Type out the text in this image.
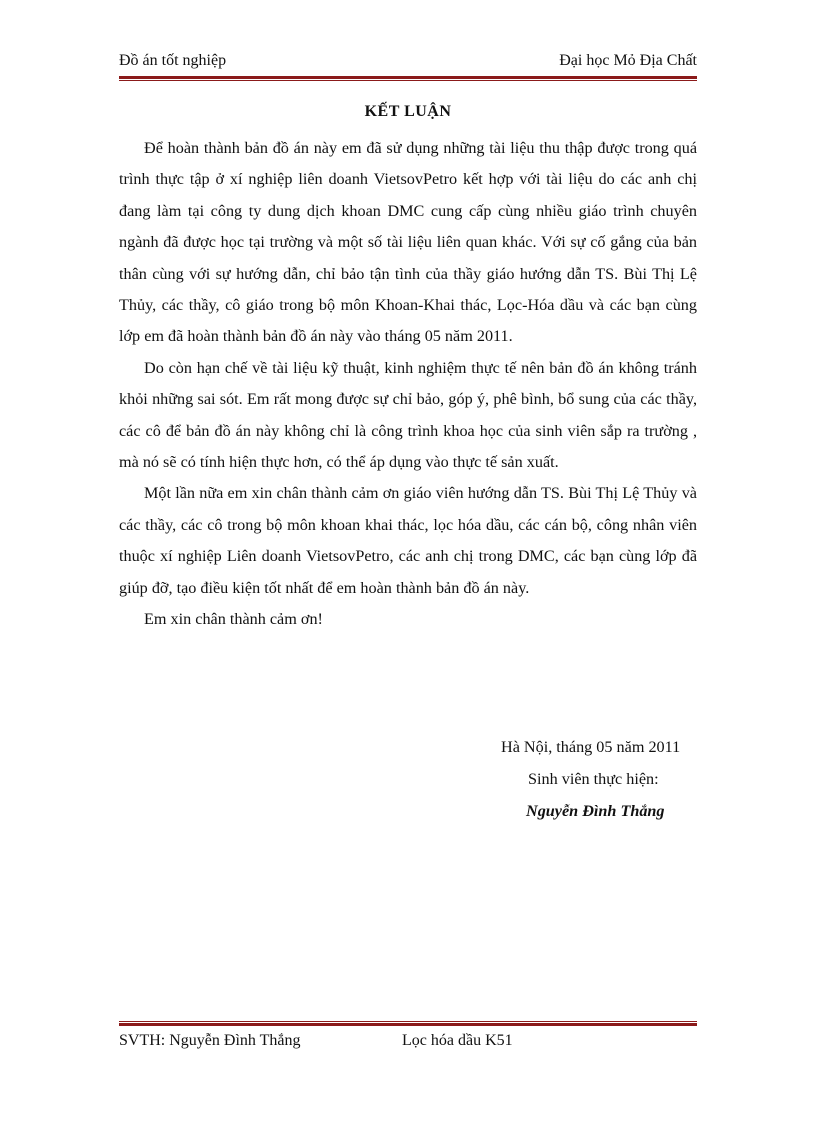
Đồ án tốt nghiệp	Đại học Mỏ Địa Chất
KẾT LUẬN

Để hoàn thành bản đồ án này em đã sử dụng những tài liệu thu thập được trong quá trình thực tập ở xí nghiệp liên doanh VietsovPetro kết hợp với tài liệu do các anh chị đang làm tại công ty dung dịch khoan DMC cung cấp cùng nhiều giáo trình chuyên ngành đã được học tại trường và một số tài liệu liên quan khác. Với sự cố gắng của bản thân cùng với sự hướng dẫn, chỉ bảo tận tình của thầy giáo hướng dẫn TS. Bùi Thị Lệ Thủy, các thầy, cô giáo trong bộ môn Khoan-Khai thác, Lọc-Hóa dầu và các bạn cùng lớp em đã hoàn thành bản đồ án này vào tháng 05 năm 2011.

Do còn hạn chế về tài liệu kỹ thuật, kinh nghiệm thực tế nên bản đồ án không tránh khỏi những sai sót. Em rất mong được sự chỉ bảo, góp ý, phê bình, bổ sung của các thầy, các cô để bản đồ án này không chỉ là công trình khoa học của sinh viên sắp ra trường , mà nó sẽ có tính hiện thực hơn, có thể áp dụng vào thực tế sản xuất.

Một lần nữa em xin chân thành cảm ơn giáo viên hướng dẫn TS. Bùi Thị Lệ Thủy và các thầy, các cô trong bộ môn khoan khai thác, lọc hóa dầu, các cán bộ, công nhân viên thuộc xí nghiệp Liên doanh VietsovPetro, các anh chị trong DMC, các bạn cùng lớp đã giúp đỡ, tạo điều kiện tốt nhất để em hoàn thành bản đồ án này.

Em xin chân thành cảm ơn!

Hà Nội, tháng 05 năm 2011
Sinh viên thực hiện:
Nguyễn Đình Thắng
SVTH: Nguyễn Đình Thắng	Lọc hóa dầu K51
